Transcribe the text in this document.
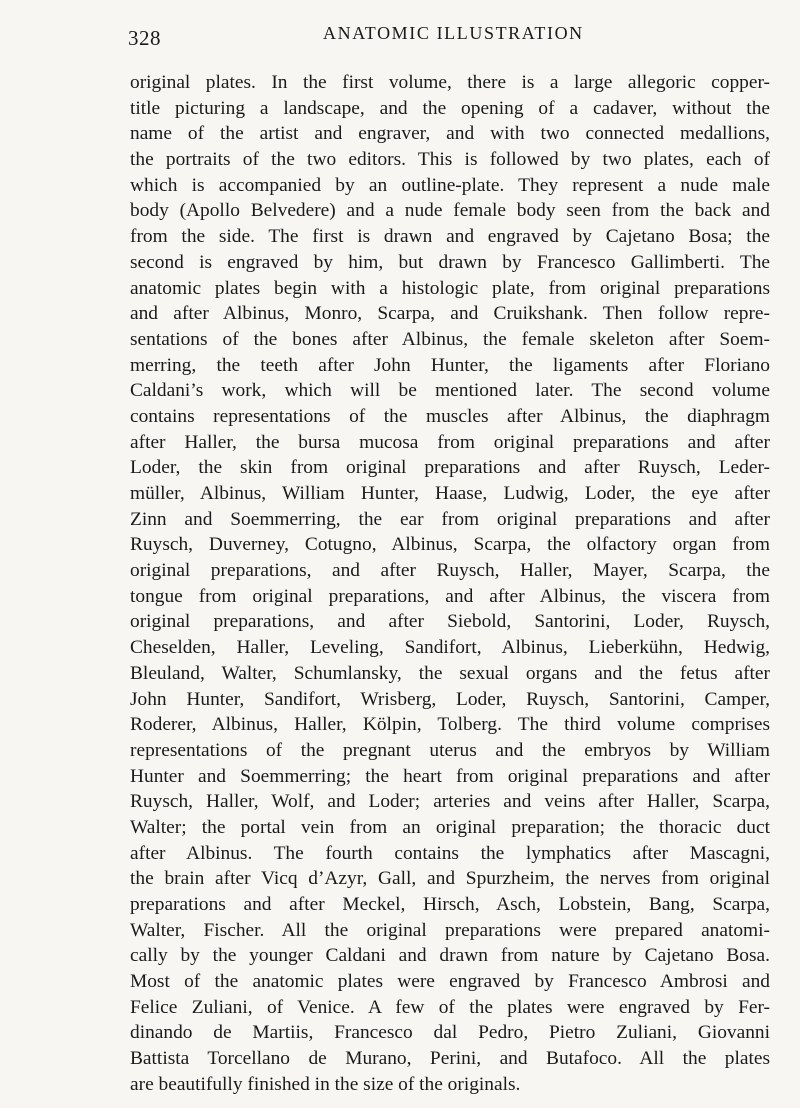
328	ANATOMIC ILLUSTRATION

original plates. In the first volume, there is a large allegoric copper-
title picturing a landscape, and the opening of a cadaver, without the
name of the artist and engraver, and with two connected medallions,
the portraits of the two editors. This is followed by two plates, each of
which is accompanied by an outline-plate. They represent a nude male
body (Apollo Belvedere) and a nude female body seen from the back and
from the side. The first is drawn and engraved by Cajetano Bosa; the
second is engraved by him, but drawn by Francesco Gallimberti. The
anatomic plates begin with a histologic plate, from original preparations
and after Albinus, Monro, Scarpa, and Cruikshank. Then follow repre-
sentations of the bones after Albinus, the female skeleton after Soem-
merring, the teeth after John Hunter, the ligaments after Floriano
Caldani’s work, which will be mentioned later. The second volume
contains representations of the muscles after Albinus, the diaphragm
after Haller, the bursa mucosa from original preparations and after
Loder, the skin from original preparations and after Ruysch, Leder-
müller, Albinus, William Hunter, Haase, Ludwig, Loder, the eye after
Zinn and Soemmerring, the ear from original preparations and after
Ruysch, Duverney, Cotugno, Albinus, Scarpa, the olfactory organ from
original preparations, and after Ruysch, Haller, Mayer, Scarpa, the
tongue from original preparations, and after Albinus, the viscera from
original preparations, and after Siebold, Santorini, Loder, Ruysch,
Cheselden, Haller, Leveling, Sandifort, Albinus, Lieberkühn, Hedwig,
Bleuland, Walter, Schumlansky, the sexual organs and the fetus after
John Hunter, Sandifort, Wrisberg, Loder, Ruysch, Santorini, Camper,
Roderer, Albinus, Haller, Kölpin, Tolberg. The third volume comprises
representations of the pregnant uterus and the embryos by William
Hunter and Soemmerring; the heart from original preparations and after
Ruysch, Haller, Wolf, and Loder; arteries and veins after Haller, Scarpa,
Walter; the portal vein from an original preparation; the thoracic duct
after Albinus. The fourth contains the lymphatics after Mascagni,
the brain after Vicq d’Azyr, Gall, and Spurzheim, the nerves from original
preparations and after Meckel, Hirsch, Asch, Lobstein, Bang, Scarpa,
Walter, Fischer. All the original preparations were prepared anatomi-
cally by the younger Caldani and drawn from nature by Cajetano Bosa.
Most of the anatomic plates were engraved by Francesco Ambrosi and
Felice Zuliani, of Venice. A few of the plates were engraved by Fer-
dinando de Martiis, Francesco dal Pedro, Pietro Zuliani, Giovanni
Battista Torcellano de Murano, Perini, and Butafoco. All the plates
are beautifully finished in the size of the originals.
